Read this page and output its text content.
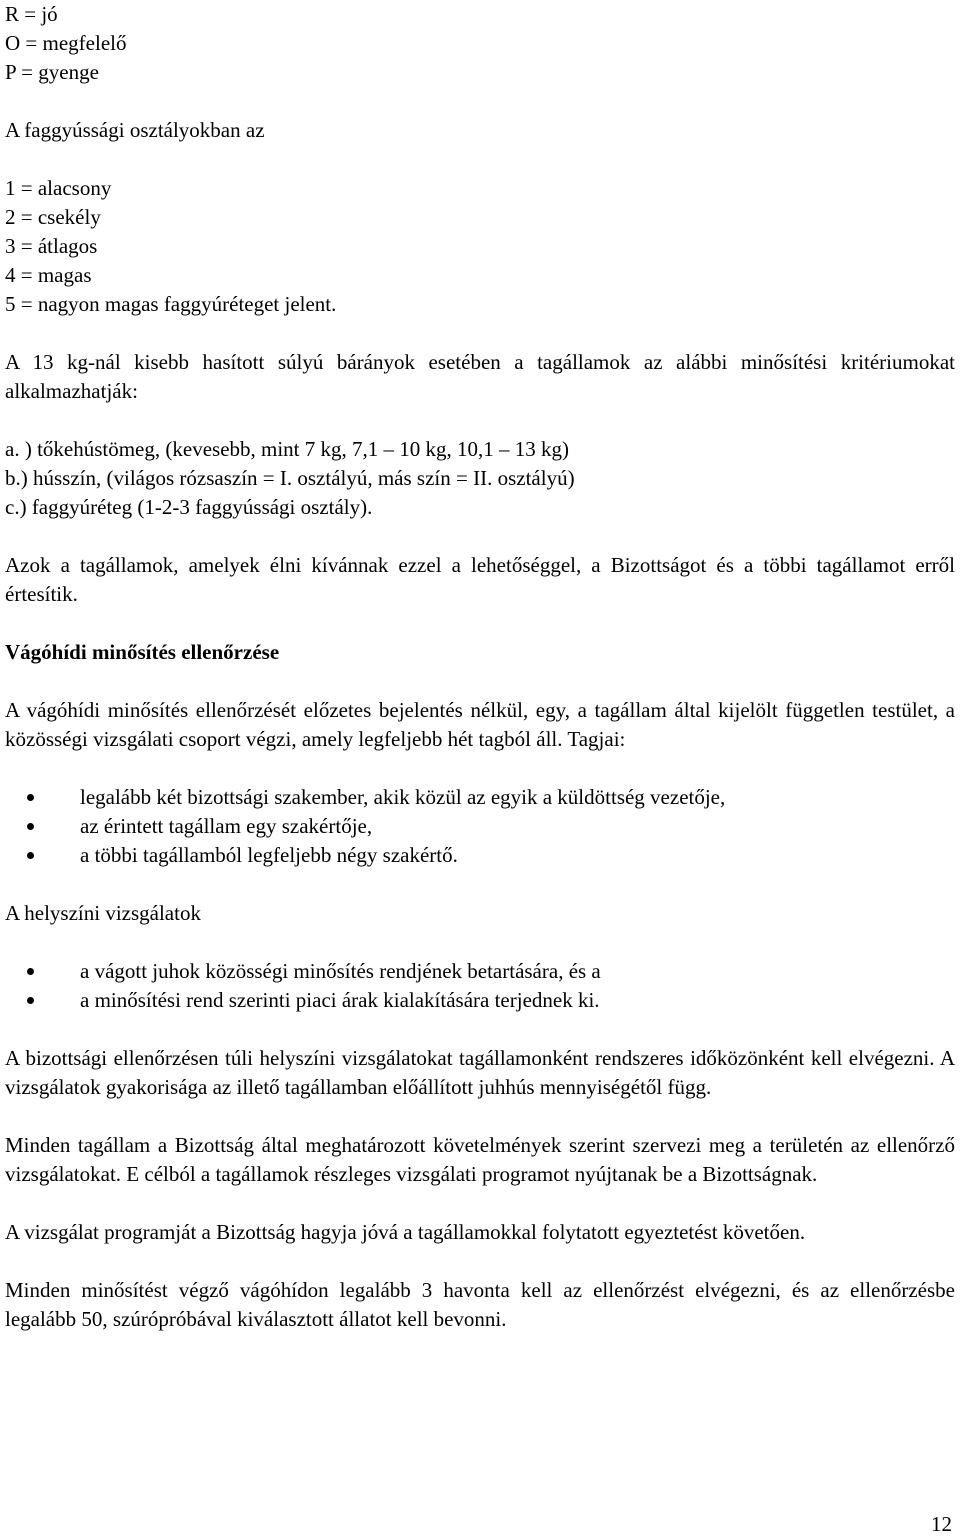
R = jó

O = megfelelő

P = gyenge

A faggyússági osztályokban az

1 = alacsony

2 = csekély

3 = átlagos

4 = magas

5 = nagyon magas faggyúréteget jelent.

A 13 kg-nál kisebb hasított súlyú bárányok esetében a tagállamok az alábbi minősítési kritériumokat alkalmazhatják:

a. ) tőkehústömeg, (kevesebb, mint 7 kg, 7,1 – 10 kg, 10,1 – 13 kg)

b.) hússzín, (világos rózsaszín = I. osztályú, más szín = II. osztályú)

c.) faggyúréteg (1-2-3 faggyússági osztály).

Azok a tagállamok, amelyek élni kívánnak ezzel a lehetőséggel, a Bizottságot és a többi tagállamot erről értesítik.

Vágóhídi minősítés ellenőrzése

A vágóhídi minősítés ellenőrzését előzetes bejelentés nélkül, egy, a tagállam által kijelölt független testület, a közösségi vizsgálati csoport végzi, amely legfeljebb hét tagból áll. Tagjai:

legalább két bizottsági szakember, akik közül az egyik a küldöttség vezetője,
az érintett tagállam egy szakértője,
a többi tagállamból legfeljebb négy szakértő.

A helyszíni vizsgálatok

a vágott juhok közösségi minősítés rendjének betartására, és a
a minősítési rend szerinti piaci árak kialakítására terjednek ki.

A bizottsági ellenőrzésen túli helyszíni vizsgálatokat tagállamonként rendszeres időközönként kell elvégezni. A vizsgálatok gyakorisága az illető tagállamban előállított juhhús mennyiségétől függ.

Minden tagállam a Bizottság által meghatározott követelmények szerint szervezi meg a területén az ellenőrző vizsgálatokat. E célból a tagállamok részleges vizsgálati programot nyújtanak be a Bizottságnak.

A vizsgálat programját a Bizottság hagyja jóvá a tagállamokkal folytatott egyeztetést követően.

Minden minősítést végző vágóhídon legalább 3 havonta kell az ellenőrzést elvégezni, és az ellenőrzésbe legalább 50, szúrópróbával kiválasztott állatot kell bevonni.

12
